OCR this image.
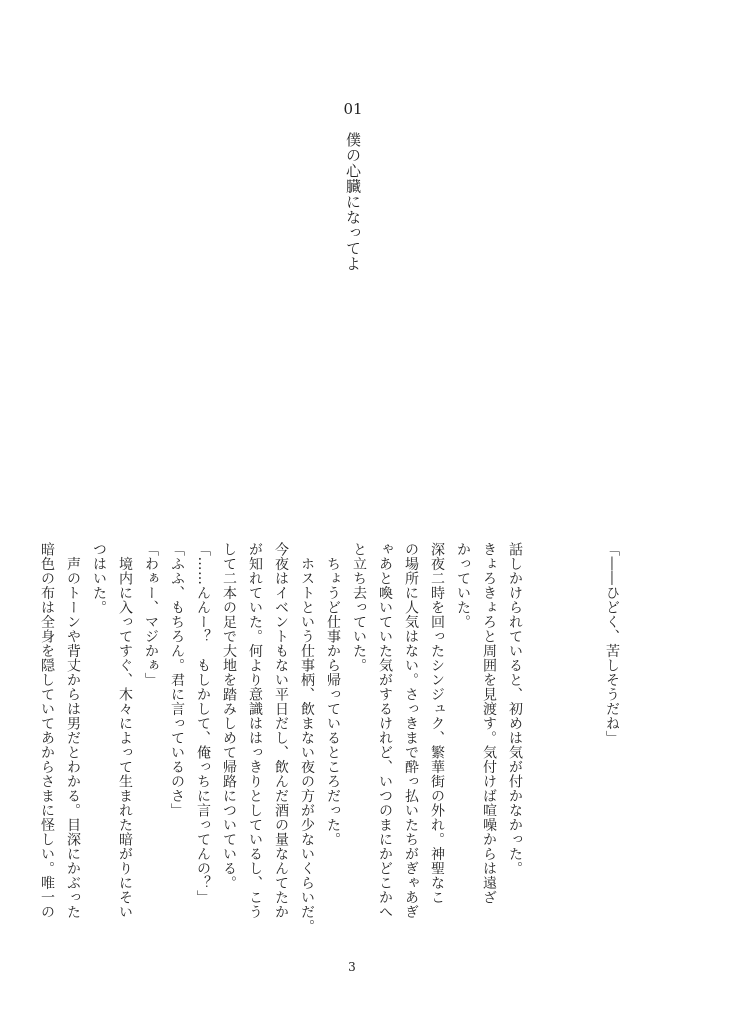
01
僕の心臓になってよ
「――ひどく、苦しそうだね」
話しかけられていると、初めは気が付かなかった。
きょろきょろと周囲を見渡す。気付けば喧噪からは遠ざ
かっていた。
深夜二時を回ったシンジュク、繁華街の外れ。神聖なこ
の場所に人気はない。さっきまで酔っ払いたちがぎゃあぎ
ゃあと喚いていた気がするけれど、いつのまにかどこかへ
と立ち去っていた。
　ちょうど仕事から帰っているところだった。
　ホストという仕事柄、飲まない夜の方が少ないくらいだ。
今夜はイベントもない平日だし、飲んだ酒の量なんてたか
が知れていた。何より意識ははっきりとしているし、こう
して二本の足で大地を踏みしめて帰路についている。
「……んんー？　もしかして、俺っちに言ってんの？」
「ふふ、もちろん。君に言っているのさ」
「わぁー、マジかぁ」
　境内に入ってすぐ、木々によって生まれた暗がりにそい
つはいた。
　声のトーンや背丈からは男だとわかる。目深にかぶった
暗色の布は全身を隠していてあからさまに怪しい。唯一の
3
